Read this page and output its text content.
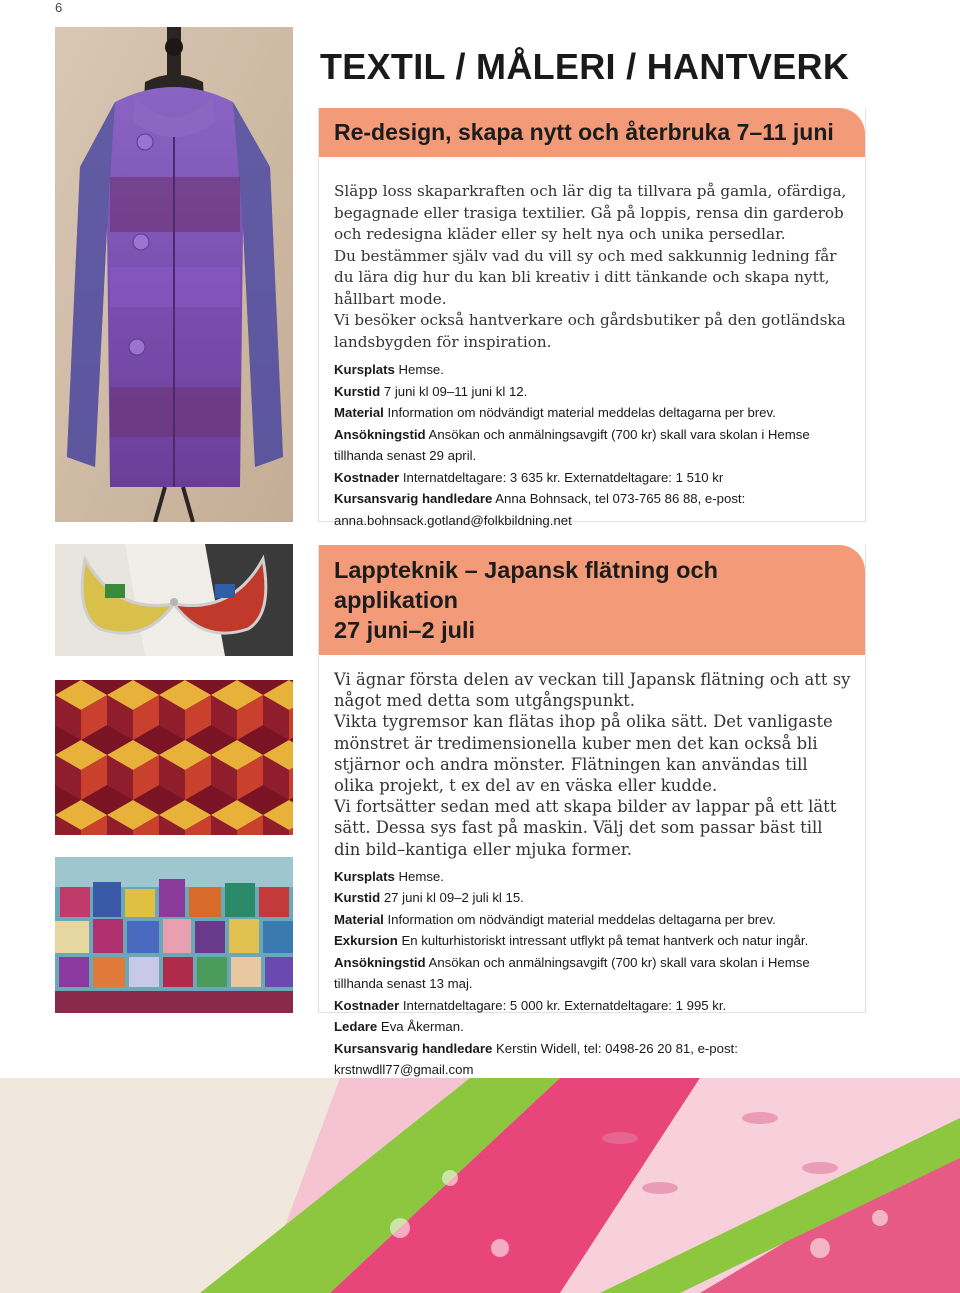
6
TEXTIL / MÅLERI / HANTVERK
Re-design, skapa nytt och återbruka 7–11 juni

Släpp loss skaparkraften och lär dig ta tillvara på gamla, ofärdiga, begagnade eller trasiga textilier. Gå på loppis, rensa din garderob och redesigna kläder eller sy helt nya och unika persedlar.

Du bestämmer själv vad du vill sy och med sakkunnig ledning får du lära dig hur du kan bli kreativ i ditt tänkande och skapa nytt, hållbart mode.

Vi besöker också hantverkare och gårdsbutiker på den gotländska landsbygden för inspiration.

Kursplats Hemse.
Kurstid 7 juni kl 09–11 juni kl 12.
Material Information om nödvändigt material meddelas deltagarna per brev.
Ansökningstid Ansökan och anmälningsavgift (700 kr) skall vara skolan i Hemse tillhanda senast 29 april.
Kostnader Internatdeltagare: 3 635 kr. Externatdeltagare: 1 510 kr
Kursansvarig handledare Anna Bohnsack, tel 073-765 86 88, e-post: anna.bohnsack.gotland@folkbildning.net
Lappteknik – Japansk flätning och applikation
27 juni–2 juli

Vi ägnar första delen av veckan till Japansk flätning och att sy något med detta som utgångspunkt.

Vikta tygremsor kan flätas ihop på olika sätt. Det vanligaste mönstret är tredimensionella kuber men det kan också bli stjärnor och andra mönster. Flätningen kan användas till olika projekt, t ex del av en väska eller kudde.

Vi fortsätter sedan med att skapa bilder av lappar på ett lätt sätt. Dessa sys fast på maskin. Välj det som passar bäst till din bild–kantiga eller mjuka former.

Kursplats Hemse.
Kurstid 27 juni kl 09–2 juli kl 15.
Material Information om nödvändigt material meddelas deltagarna per brev.
Exkursion En kulturhistoriskt intressant utflykt på temat hantverk och natur ingår.
Ansökningstid Ansökan och anmälningsavgift (700 kr) skall vara skolan i Hemse tillhanda senast 13 maj.
Kostnader Internatdeltagare: 5 000 kr. Externatdeltagare: 1 995 kr.
Ledare Eva Åkerman.
Kursansvarig handledare Kerstin Widell, tel: 0498-26 20 81, e-post: krstnwdll77@gmail.com
